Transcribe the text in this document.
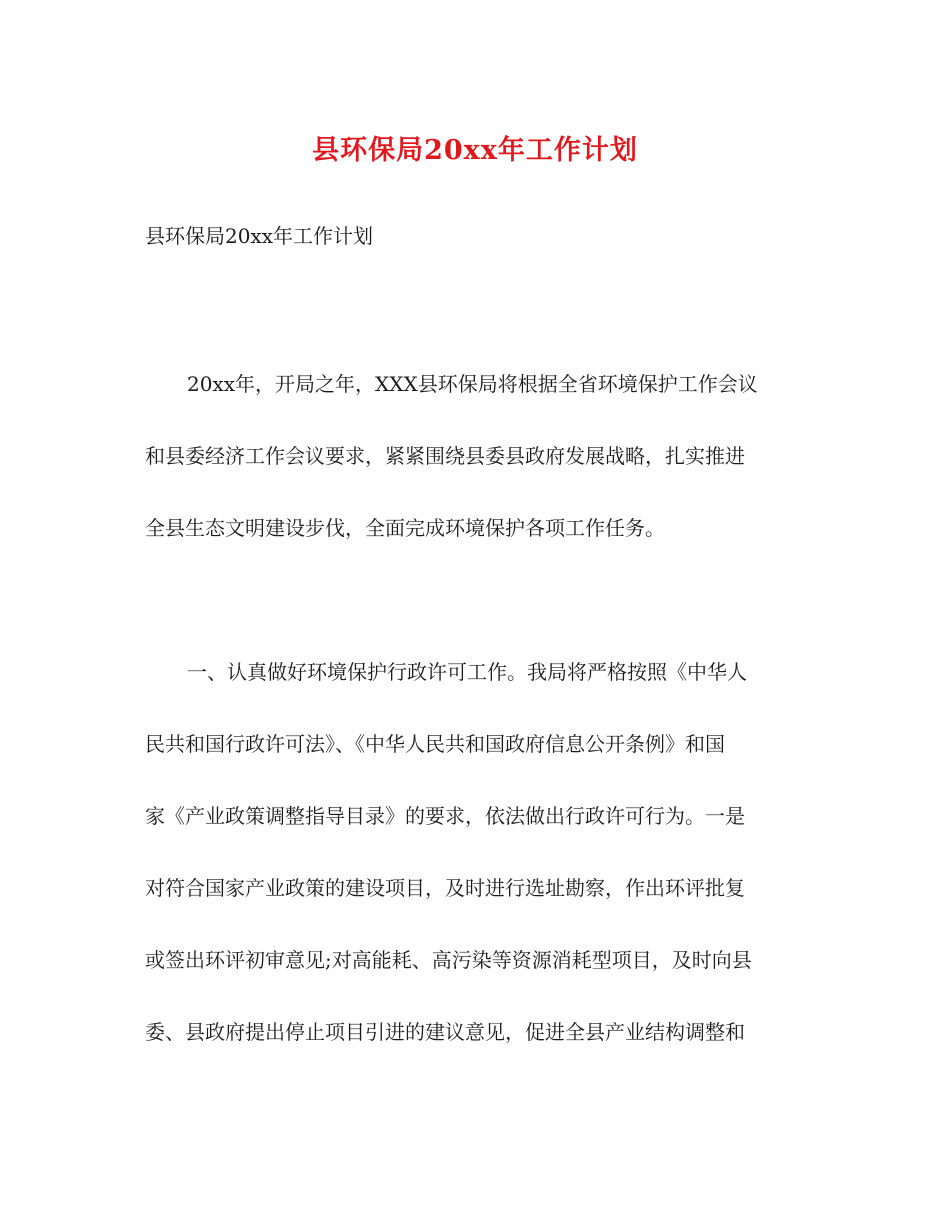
县环保局20xx年工作计划
县环保局20xx年工作计划
20xx年，开局之年，XXX县环保局将根据全省环境保护工作会议
和县委经济工作会议要求，紧紧围绕县委县政府发展战略，扎实推进
全县生态文明建设步伐，全面完成环境保护各项工作任务。
一、认真做好环境保护行政许可工作。我局将严格按照《中华人
民共和国行政许可法》、《中华人民共和国政府信息公开条例》和国
家《产业政策调整指导目录》的要求，依法做出行政许可行为。一是
对符合国家产业政策的建设项目，及时进行选址勘察，作出环评批复
或签出环评初审意见;对高能耗、高污染等资源消耗型项目，及时向县
委、县政府提出停止项目引进的建议意见，促进全县产业结构调整和
